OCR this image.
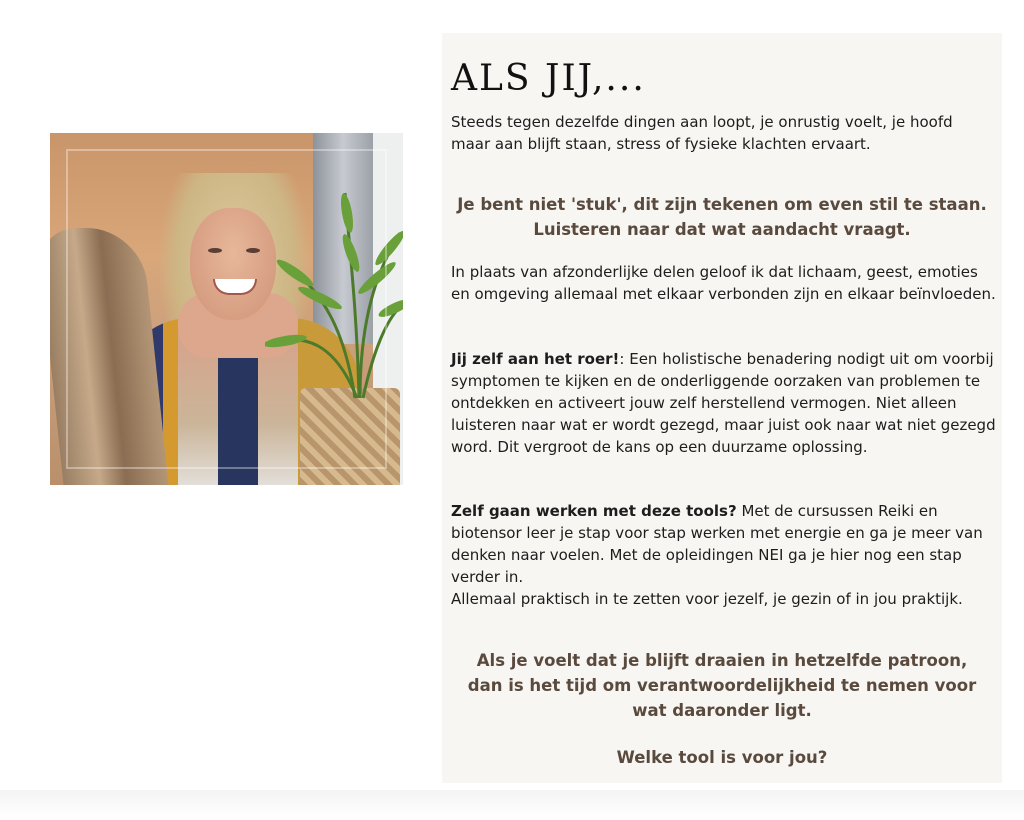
ALS JIJ,...

Steeds tegen dezelfde dingen aan loopt, je onrustig voelt, je hoofd maar aan blijft staan, stress of fysieke klachten ervaart.

Je bent niet 'stuk', dit zijn tekenen om even stil te staan. Luisteren naar dat wat aandacht vraagt.

In plaats van afzonderlijke delen geloof ik dat lichaam, geest, emoties en omgeving allemaal met elkaar verbonden zijn en elkaar beïnvloeden.

Jij zelf aan het roer!: Een holistische benadering nodigt uit om voorbij symptomen te kijken en de onderliggende oorzaken van problemen te ontdekken en activeert jouw zelf herstellend vermogen. Niet alleen luisteren naar wat er wordt gezegd, maar juist ook naar wat niet gezegd word. Dit vergroot de kans op een duurzame oplossing.

Zelf gaan werken met deze tools? Met de cursussen Reiki en biotensor leer je stap voor stap werken met energie en ga je meer van denken naar voelen. Met de opleidingen NEI ga je hier nog een stap verder in.
Allemaal praktisch in te zetten voor jezelf, je gezin of in jou praktijk.

Als je voelt dat je blijft draaien in hetzelfde patroon, dan is het tijd om verantwoordelijkheid te nemen voor wat daaronder ligt.

Welke tool is voor jou?
